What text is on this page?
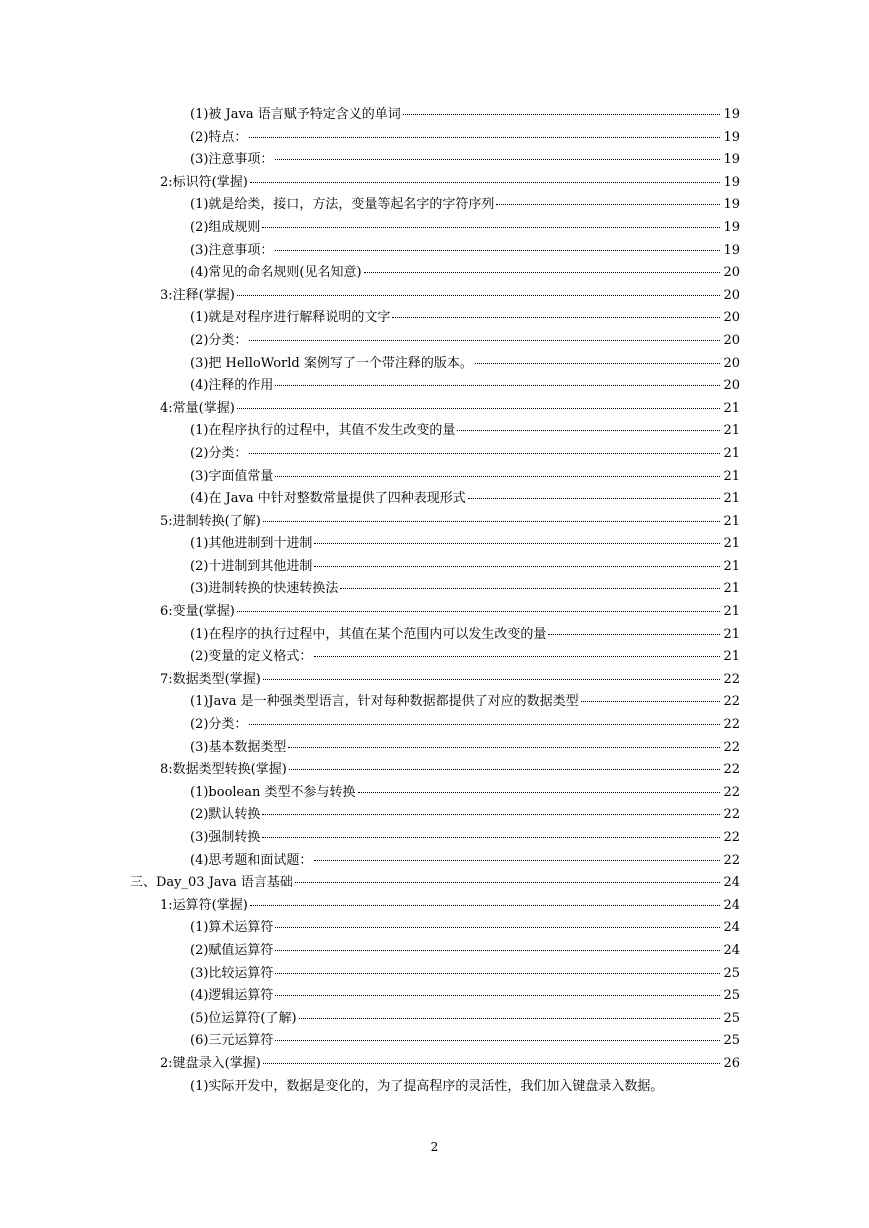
(1)被 Java 语言赋予特定含义的单词	19
(2)特点：	19
(3)注意事项：	19
2:标识符(掌握)	19
(1)就是给类，接口，方法，变量等起名字的字符序列	19
(2)组成规则	19
(3)注意事项：	19
(4)常见的命名规则(见名知意)	20
3:注释(掌握)	20
(1)就是对程序进行解释说明的文字	20
(2)分类：	20
(3)把 HelloWorld 案例写了一个带注释的版本。	20
(4)注释的作用	20
4:常量(掌握)	21
(1)在程序执行的过程中，其值不发生改变的量	21
(2)分类：	21
(3)字面值常量	21
(4)在 Java 中针对整数常量提供了四种表现形式	21
5:进制转换(了解)	21
(1)其他进制到十进制	21
(2)十进制到其他进制	21
(3)进制转换的快速转换法	21
6:变量(掌握)	21
(1)在程序的执行过程中，其值在某个范围内可以发生改变的量	21
(2)变量的定义格式：	21
7:数据类型(掌握)	22
(1)Java 是一种强类型语言，针对每种数据都提供了对应的数据类型	22
(2)分类：	22
(3)基本数据类型	22
8:数据类型转换(掌握)	22
(1)boolean 类型不参与转换	22
(2)默认转换	22
(3)强制转换	22
(4)思考题和面试题：	22
三、Day_03 Java 语言基础	24
1:运算符(掌握)	24
(1)算术运算符	24
(2)赋值运算符	24
(3)比较运算符	25
(4)逻辑运算符	25
(5)位运算符(了解)	25
(6)三元运算符	25
2:键盘录入(掌握)	26
(1)实际开发中，数据是变化的，为了提高程序的灵活性，我们加入键盘录入数据。
2
